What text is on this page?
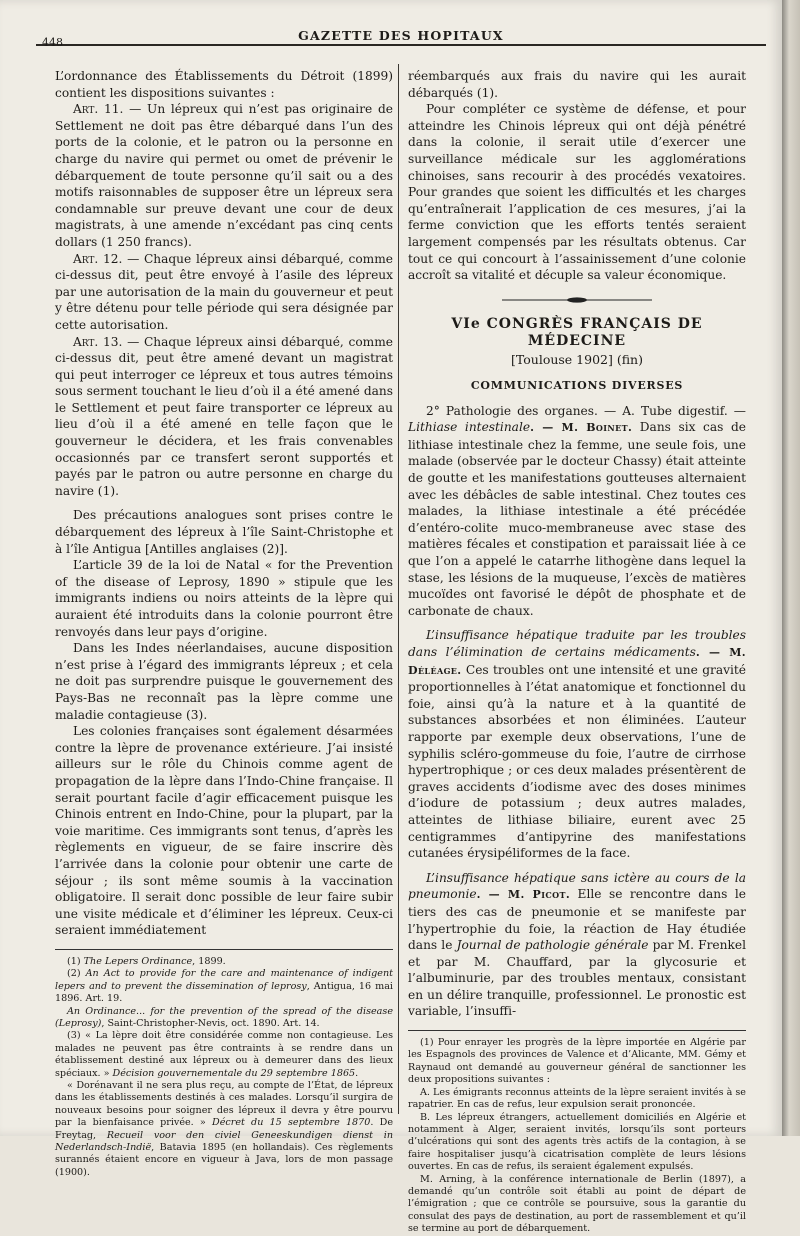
448	GAZETTE DES HOPITAUX

L’ordonnance des Établissements du Détroit (1899) contient les dispositions suivantes :

Art. 11. — Un lépreux qui n’est pas originaire de Settlement ne doit pas être débarqué dans l’un des ports de la colonie, et le patron ou la personne en charge du navire qui permet ou omet de prévenir le débarquement de toute personne qu’il sait ou a des motifs raisonnables de supposer être un lépreux sera condamnable sur preuve devant une cour de deux magistrats, à une amende n’excédant pas cinq cents dollars (1 250 francs).

Art. 12. — Chaque lépreux ainsi débarqué, comme ci-dessus dit, peut être envoyé à l’asile des lépreux par une autorisation de la main du gouverneur et peut y être détenu pour telle période qui sera désignée par cette autorisation.

Art. 13. — Chaque lépreux ainsi débarqué, comme ci-dessus dit, peut être amené devant un magistrat qui peut interroger ce lépreux et tous autres témoins sous serment touchant le lieu d’où il a été amené dans le Settlement et peut faire transporter ce lépreux au lieu d’où il a été amené en telle façon que le gouverneur le décidera, et les frais convenables occasionnés par ce transfert seront supportés et payés par le patron ou autre personne en charge du navire (1).

Des précautions analogues sont prises contre le débarquement des lépreux à l’île Saint-Christophe et à l’île Antigua [Antilles anglaises (2)].

L’article 39 de la loi de Natal « for the Prevention of the disease of Leprosy, 1890 » stipule que les immigrants indiens ou noirs atteints de la lèpre qui auraient été introduits dans la colonie pourront être renvoyés dans leur pays d’origine.

Dans les Indes néerlandaises, aucune disposition n’est prise à l’égard des immigrants lépreux ; et cela ne doit pas surprendre puisque le gouvernement des Pays-Bas ne reconnaît pas la lèpre comme une maladie contagieuse (3).

Les colonies françaises sont également désarmées contre la lèpre de provenance extérieure. J’ai insisté ailleurs sur le rôle du Chinois comme agent de propagation de la lèpre dans l’Indo-Chine française. Il serait pourtant facile d’agir efficacement puisque les Chinois entrent en Indo-Chine, pour la plupart, par la voie maritime. Ces immigrants sont tenus, d’après les règlements en vigueur, de se faire inscrire dès l’arrivée dans la colonie pour obtenir une carte de séjour ; ils sont même soumis à la vaccination obligatoire. Il serait donc possible de leur faire subir une visite médicale et d’éliminer les lépreux. Ceux-ci seraient immédiatement

(1) The Lepers Ordinance, 1899.

(2) An Act to provide for the care and maintenance of indigent lepers and to prevent the dissemination of leprosy, Antigua, 16 mai 1896. Art. 19.

An Ordinance... for the prevention of the spread of the disease (Leprosy), Saint-Christopher-Nevis, oct. 1890. Art. 14.

(3) « La lèpre doit être considérée comme non contagieuse. Les malades ne peuvent pas être contraints à se rendre dans un établissement destiné aux lépreux ou à demeurer dans des lieux spéciaux. » Décision gouvernementale du 29 septembre 1865.

« Dorénavant il ne sera plus reçu, au compte de l’État, de lépreux dans les établissements destinés à ces malades. Lorsqu’il surgira de nouveaux besoins pour soigner des lépreux il devra y être pourvu par la bienfaisance privée. » Décret du 15 septembre 1870. De Freytag, Recueil voor den civiel Geneeskundigen dienst in Nederlandsch-Indië, Batavia 1895 (en hollandais). Ces règlements surannés étaient encore en vigueur à Java, lors de mon passage (1900).

réembarqués aux frais du navire qui les aurait débarqués (1).

Pour compléter ce système de défense, et pour atteindre les Chinois lépreux qui ont déjà pénétré dans la colonie, il serait utile d’exercer une surveillance médicale sur les agglomérations chinoises, sans recourir à des procédés vexatoires. Pour grandes que soient les difficultés et les charges qu’entraînerait l’application de ces mesures, j’ai la ferme conviction que les efforts tentés seraient largement compensés par les résultats obtenus. Car tout ce qui concourt à l’assainissement d’une colonie accroît sa vitalité et décuple sa valeur économique.

VIe CONGRÈS FRANÇAIS DE MÉDECINE
[Toulouse 1902] (fin)
COMMUNICATIONS DIVERSES

2° Pathologie des organes. — A. Tube digestif. — Lithiase intestinale. — M. Boinet. Dans six cas de lithiase intestinale chez la femme, une seule fois, une malade (observée par le docteur Chassy) était atteinte de goutte et les manifestations goutteuses alternaient avec les débâcles de sable intestinal. Chez toutes ces malades, la lithiase intestinale a été précédée d’entéro-colite muco-membraneuse avec stase des matières fécales et constipation et paraissait liée à ce que l’on a appelé le catarrhe lithogène dans lequel la stase, les lésions de la muqueuse, l’excès de matières mucoïdes ont favorisé le dépôt de phosphate et de carbonate de chaux.

L’insuffisance hépatique traduite par les troubles dans l’élimination de certains médicaments. — M. Déléage. Ces troubles ont une intensité et une gravité proportionnelles à l’état anatomique et fonctionnel du foie, ainsi qu’à la nature et à la quantité de substances absorbées et non éliminées. L’auteur rapporte par exemple deux observations, l’une de syphilis scléro-gommeuse du foie, l’autre de cirrhose hypertrophique ; or ces deux malades présentèrent de graves accidents d’iodisme avec des doses minimes d’iodure de potassium ; deux autres malades, atteintes de lithiase biliaire, eurent avec 25 centigrammes d’antipyrine des manifestations cutanées érysipéliformes de la face.

L’insuffisance hépatique sans ictère au cours de la pneumonie. — M. Picot. Elle se rencontre dans le tiers des cas de pneumonie et se manifeste par l’hypertrophie du foie, la réaction de Hay étudiée dans le Journal de pathologie générale par M. Frenkel et par M. Chauffard, par la glycosurie et l’albuminurie, par des troubles mentaux, consistant en un délire tranquille, professionnel. Le pronostic est variable, l’insuffi-

(1) Pour enrayer les progrès de la lèpre importée en Algérie par les Espagnols des provinces de Valence et d’Alicante, MM. Gémy et Raynaud ont demandé au gouverneur général de sanctionner les deux propositions suivantes :

A. Les émigrants reconnus atteints de la lèpre seraient invités à se rapatrier. En cas de refus, leur expulsion serait prononcée.

B. Les lépreux étrangers, actuellement domiciliés en Algérie et notamment à Alger, seraient invités, lorsqu’ils sont porteurs d’ulcérations qui sont des agents très actifs de la contagion, à se faire hospitaliser jusqu’à cicatrisation complète de leurs lésions ouvertes. En cas de refus, ils seraient également expulsés.

M. Arning, à la conférence internationale de Berlin (1897), a demandé qu’un contrôle soit établi au point de départ de l’émigration ; que ce contrôle se poursuive, sous la garantie du consulat des pays de destination, au port de rassemblement et qu’il se termine au port de débarquement.
